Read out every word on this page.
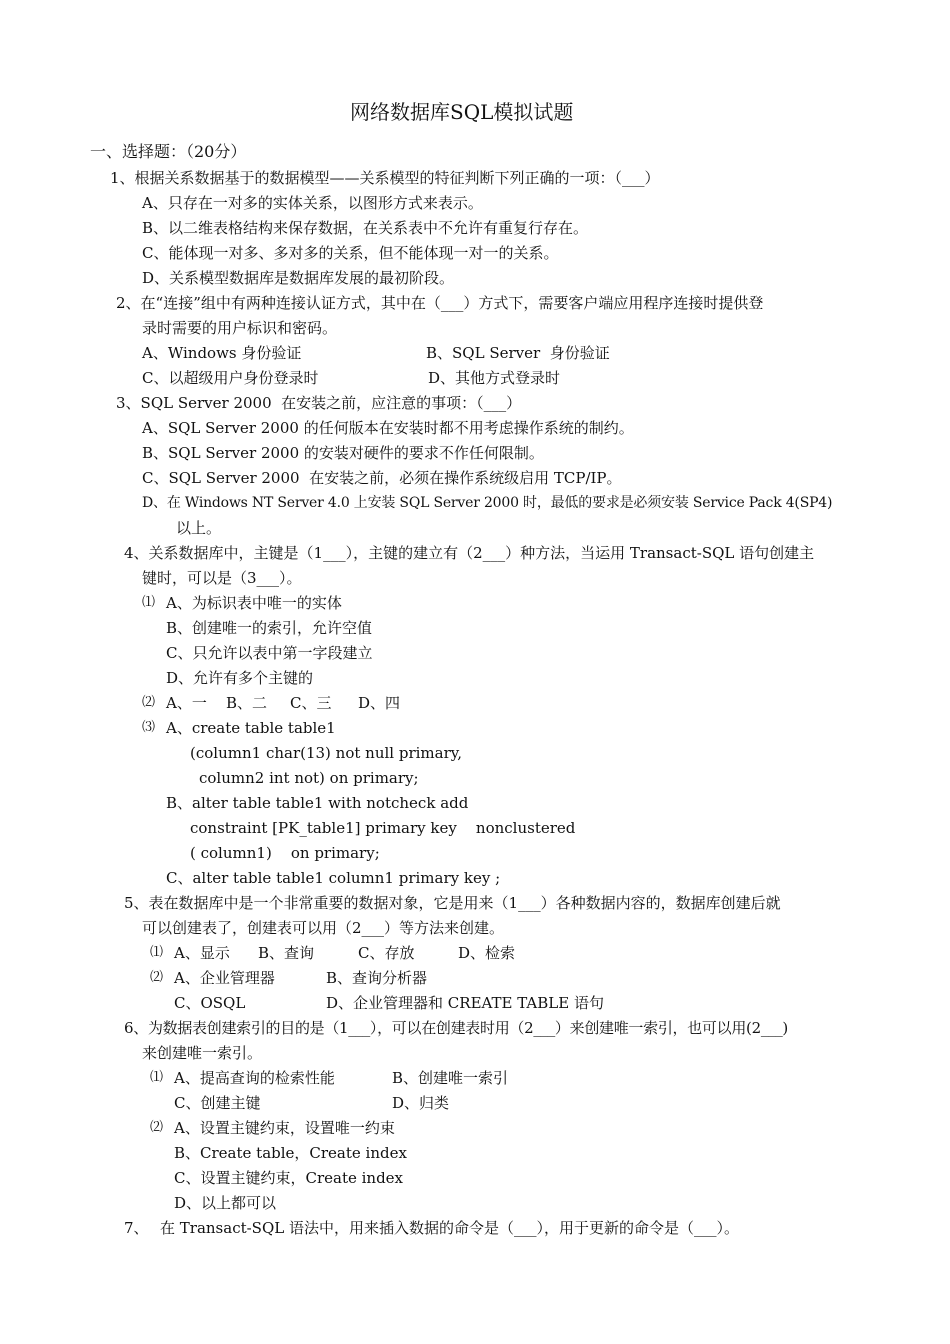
网络数据库SQL模拟试题
一、选择题：（20分）
1、根据关系数据基于的数据模型——关系模型的特征判断下列正确的一项：（___）
A、只存在一对多的实体关系，以图形方式来表示。
B、以二维表格结构来保存数据，在关系表中不允许有重复行存在。
C、能体现一对多、多对多的关系，但不能体现一对一的关系。
D、关系模型数据库是数据库发展的最初阶段。
2、在“连接”组中有两种连接认证方式，其中在（___）方式下，需要客户端应用程序连接时提供登
录时需要的用户标识和密码。
A、Windows 身份验证	B、SQL Server  身份验证
C、以超级用户身份登录时	D、其他方式登录时
3、SQL Server 2000  在安装之前，应注意的事项：（___）
A、SQL Server 2000 的任何版本在安装时都不用考虑操作系统的制约。
B、SQL Server 2000 的安装对硬件的要求不作任何限制。
C、SQL Server 2000  在安装之前，必须在操作系统级启用 TCP/IP。
D、在 Windows NT Server 4.0 上安装 SQL Server 2000 时，最低的要求是必须安装 Service Pack 4(SP4)
以上。
4、关系数据库中，主键是（1___），主键的建立有（2___）种方法，当运用 Transact-SQL 语句创建主
键时，可以是（3___）。
⑴ A、为标识表中唯一的实体
B、创建唯一的索引，允许空值
C、只允许以表中第一字段建立
D、允许有多个主键的
⑵ A、一 B、二 C、三 D、四
⑶ A、create table table1
(column1 char(13) not null primary,
column2 int not) on primary;
B、alter table table1 with notcheck add
constraint [PK_table1] primary key    nonclustered
( column1)    on primary;
C、alter table table1 column1 primary key ;
5、表在数据库中是一个非常重要的数据对象，它是用来（1___）各种数据内容的，数据库创建后就
可以创建表了，创建表可以用（2___）等方法来创建。
⑴ A、显示 B、查询	C、存放	D、检索
⑵ A、企业管理器	B、查询分析器
C、OSQL	D、企业管理器和 CREATE TABLE 语句
6、为数据表创建索引的目的是（1___），可以在创建表时用（2___）来创建唯一索引，也可以用(2___)
来创建唯一索引。
⑴ A、提高查询的检索性能	B、创建唯一索引
C、创建主键	D、归类
⑵ A、设置主键约束，设置唯一约束
B、Create table，Create index
C、设置主键约束，Create index
D、以上都可以
7、 在 Transact-SQL 语法中，用来插入数据的命令是（___），用于更新的命令是（___）。
